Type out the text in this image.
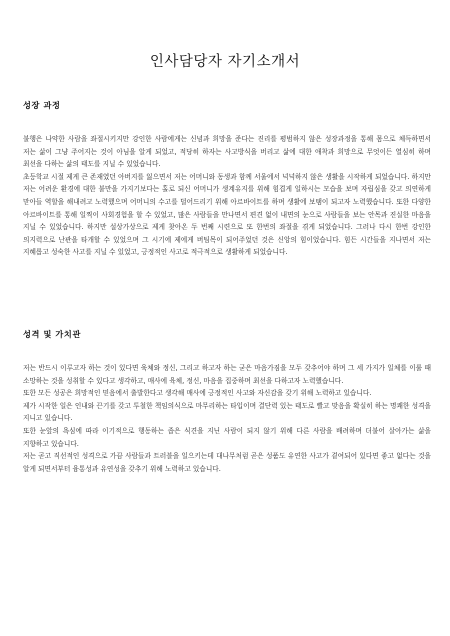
인사담당자 자기소개서
성장 과정

불행은 나약한 사람을 좌절시키지만 강인한 사람에게는 신념과 희망을 준다는 진리를 평범하지 않은 성장과정을 통해 몸으로 체득하면서 저는 삶이 그냥 주어지는 것이 아님을 알게 되었고, 적당히 하자는 사고방식을 버리고 삶에 대한 애착과 희망으로 무엇이든 열심히 하며 최선을 다하는 삶의 태도를 지닐 수 있었습니다.

초등학교 시절 제게 큰 존재였던 아버지를 잃으면서 저는 어머니와 동생과 함께 서울에서 넉넉하지 않은 생활을 시작하게 되었습니다. 하지만 저는 어려운 환경에 대한 불만을 가지기보다는 홀로 되신 어머니가 생계유지를 위해 힘겹게 일하시는 모습을 보며 자립심을 갖고 의연하게 맏아들 역할을 해내려고 노력했으며 어머니의 수고를 덜어드리기 위해 아르바이트를 하며 생활에 보탬이 되고자 노력했습니다. 또한 다양한 아르바이트를 통해 일찍이 사회경험을 할 수 있었고, 많은 사람들을 만나면서 편견 없이 내면의 눈으로 사람들을 보는 안목과 진실한 마음을 지닐 수 있었습니다. 하지만 설상가상으로 제게 찾아온 두 번째 시련으로 또 한번의 좌절을 겪게 되었습니다. 그러나 다시 한번 강인한 의지력으로 난관을 타개할 수 있었으며 그 시기에 제에게 버팀목이 되어주었던 것은 신앙의 힘이었습니다. 힘든 시간들을 지나면서 저는 지혜롭고 성숙한 사고를 지닐 수 있었고, 긍정적인 사고로 적극적으로 생활하게 되었습니다.

성격 및 가치관

저는 반드시 이루고자 하는 것이 있다면 육체와 정신, 그리고 하고자 하는 굳은 마음가짐을 모두 갖추어야 하며 그 세 가지가 일체를 이룰 때 소망하는 것을 성취할 수 있다고 생각하고, 매사에 육체, 정신, 마음을 집중하며 최선을 다하고자 노력했습니다.

또한 모든 성공은 희망적인 믿음에서 출발한다고 생각해 매사에 긍정적인 사고와 자신감을 갖기 위해 노력하고 있습니다.

제가 시작한 일은 인내와 끈기를 갖고 투철한 책임의식으로 마무리하는 타입이며 결단력 있는 태도로 빨고 맞음을 확실히 하는 명쾌한 성격을 지니고 있습니다.

또한 눈앞의 욕심에 따라 이기적으로 행동하는 좁은 식견을 지닌 사람이 되지 않기 위해 다른 사람을 배려하며 더불어 살아가는 삶을 지향하고 있습니다.

저는 곧고 직선적인 성격으로 가끔 사람들과 트러블을 일으키는데 대나무처럼 곧은 성품도 유연한 사고가 곁여되어 있다면 좋고 없다는 것을 알게 되면서부터 융통성과 유연성을 갖추기 위해 노력하고 있습니다.
